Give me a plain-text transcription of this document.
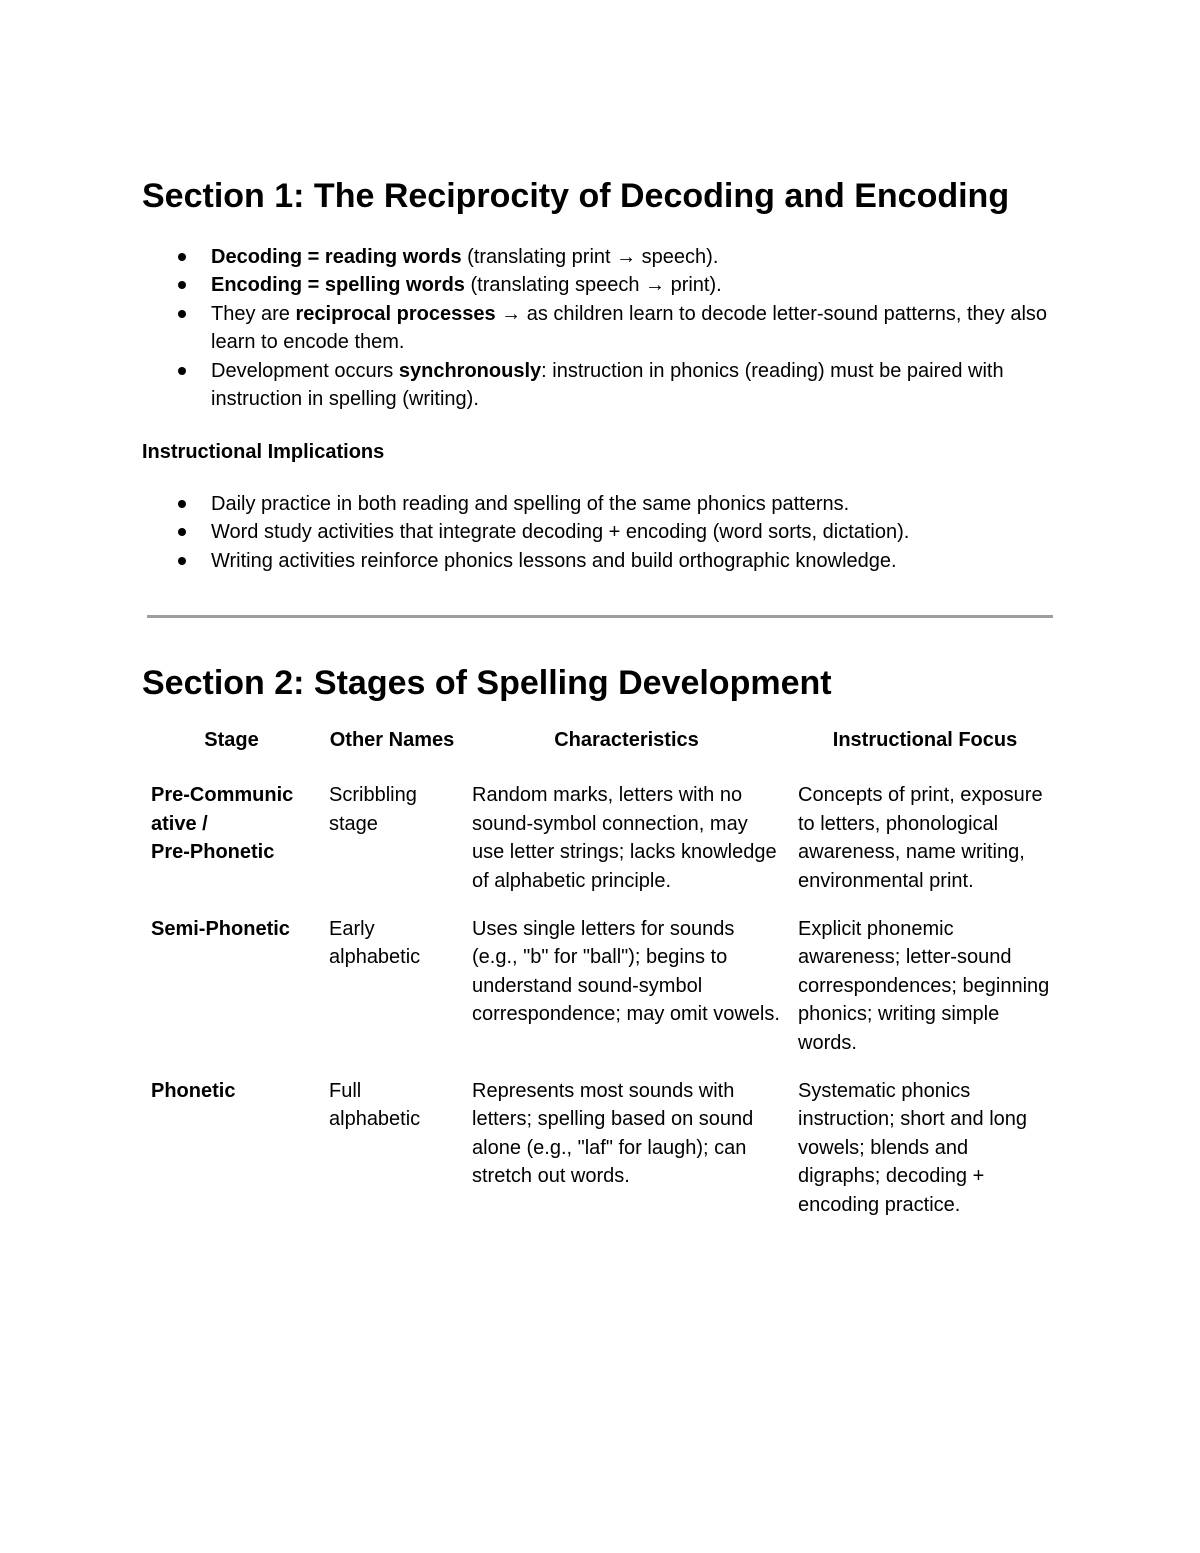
Section 1: The Reciprocity of Decoding and Encoding
Decoding = reading words (translating print → speech).
Encoding = spelling words (translating speech → print).
They are reciprocal processes → as children learn to decode letter-sound patterns, they also learn to encode them.
Development occurs synchronously: instruction in phonics (reading) must be paired with instruction in spelling (writing).

Instructional Implications

Daily practice in both reading and spelling of the same phonics patterns.
Word study activities that integrate decoding + encoding (word sorts, dictation).
Writing activities reinforce phonics lessons and build orthographic knowledge.
Section 2: Stages of Spelling Development
Stage	Other Names	Characteristics	Instructional Focus
Pre-Communic
ative /
Pre-Phonetic	Scribbling
stage	Random marks, letters with no sound-symbol connection, may use letter strings; lacks knowledge of alphabetic principle.	Concepts of print, exposure to letters, phonological awareness, name writing, environmental print.
Semi-Phonetic	Early
alphabetic	Uses single letters for sounds (e.g., "b" for "ball"); begins to understand sound-symbol correspondence; may omit vowels.	Explicit phonemic awareness; letter-sound correspondences; beginning phonics; writing simple words.
Phonetic	Full
alphabetic	Represents most sounds with letters; spelling based on sound alone (e.g., "laf" for laugh); can stretch out words.	Systematic phonics instruction; short and long vowels; blends and digraphs; decoding + encoding practice.
